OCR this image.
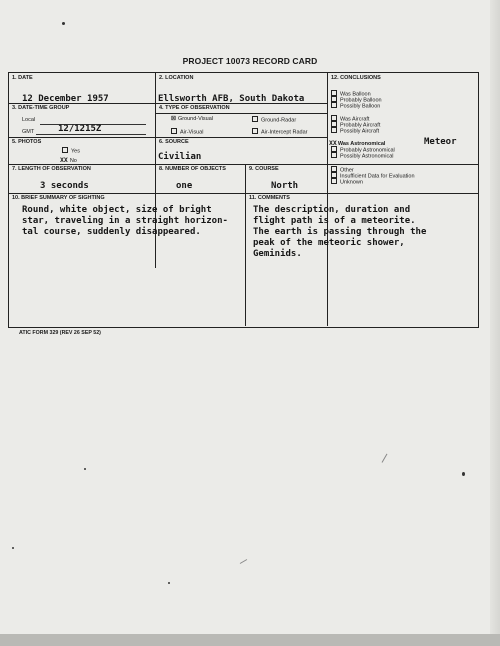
PROJECT 10073 RECORD CARD
1. DATE
12 December 1957
2. LOCATION
Ellsworth AFB, South Dakota
3. DATE-TIME GROUP
Local
GMT	12/1215Z
4. TYPE OF OBSERVATION
☒ Ground-Visual	Ground-Radar
Air-Visual	Air-Intercept Radar
5. PHOTOS
Yes
XX No
6. SOURCE
Civilian
7. LENGTH OF OBSERVATION
3 seconds
8. NUMBER OF OBJECTS
one
9. COURSE
North
10. BRIEF SUMMARY OF SIGHTING
Round, white object, size of bright
star, traveling in a straight horizon-
tal course, suddenly disappeared.
11. COMMENTS
The description, duration and
flight path is of a meteorite.
The earth is passing through the
peak of the meteoric shower,
Geminids.
12. CONCLUSIONS
Was Balloon
Probably Balloon
Possibly Balloon
Was Aircraft
Probably Aircraft
Possibly Aircraft
XXWas Astronomical	Meteor
Probably Astronomical
Possibly Astronomical
Other
Insufficient Data for Evaluation
Unknown
ATIC FORM 329 (REV 26 SEP 52)
